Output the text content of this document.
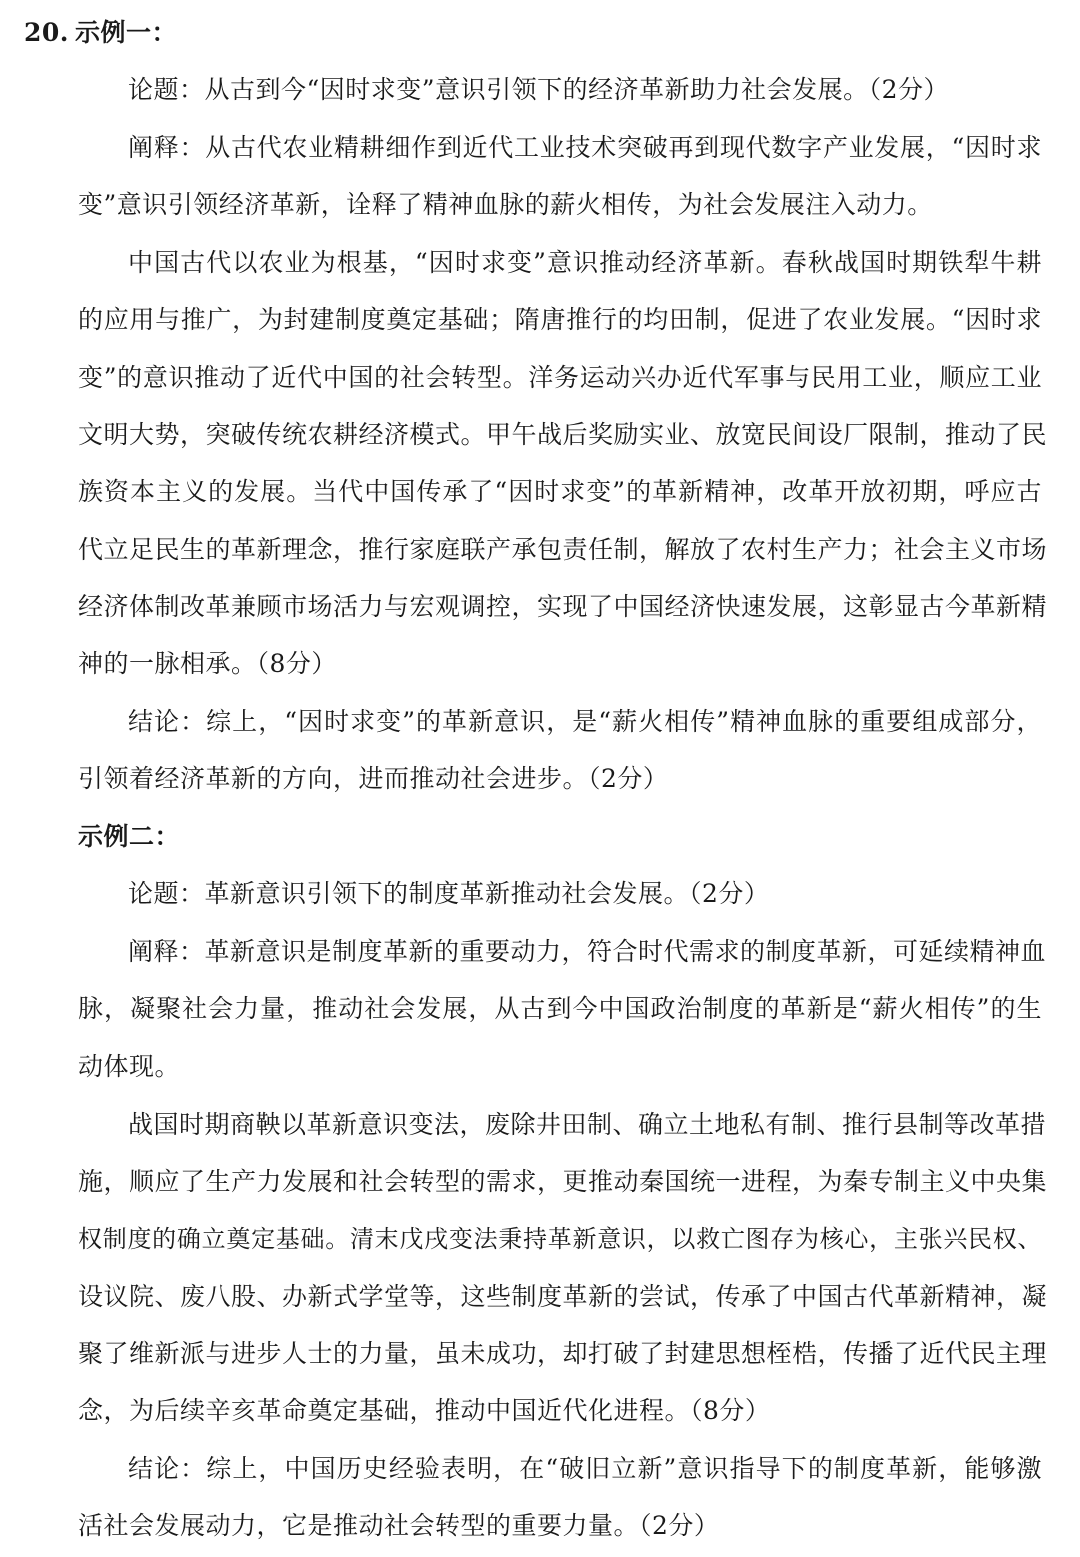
20. 示例一：
论题：从古到今“因时求变”意识引领下的经济革新助力社会发展。（2分）
阐释：从古代农业精耕细作到近代工业技术突破再到现代数字产业发展，“因时求
变”意识引领经济革新，诠释了精神血脉的薪火相传，为社会发展注入动力。
中国古代以农业为根基，“因时求变”意识推动经济革新。春秋战国时期铁犁牛耕
的应用与推广，为封建制度奠定基础；隋唐推行的均田制，促进了农业发展。“因时求
变”的意识推动了近代中国的社会转型。洋务运动兴办近代军事与民用工业，顺应工业
文明大势，突破传统农耕经济模式。甲午战后奖励实业、放宽民间设厂限制，推动了民
族资本主义的发展。当代中国传承了“因时求变”的革新精神，改革开放初期，呼应古
代立足民生的革新理念，推行家庭联产承包责任制，解放了农村生产力；社会主义市场
经济体制改革兼顾市场活力与宏观调控，实现了中国经济快速发展，这彰显古今革新精
神的一脉相承。（8分）
结论：综上，“因时求变”的革新意识，是“薪火相传”精神血脉的重要组成部分，
引领着经济革新的方向，进而推动社会进步。（2分）
示例二：
论题：革新意识引领下的制度革新推动社会发展。（2分）
阐释：革新意识是制度革新的重要动力，符合时代需求的制度革新，可延续精神血
脉，凝聚社会力量，推动社会发展，从古到今中国政治制度的革新是“薪火相传”的生
动体现。
战国时期商鞅以革新意识变法，废除井田制、确立土地私有制、推行县制等改革措
施，顺应了生产力发展和社会转型的需求，更推动秦国统一进程，为秦专制主义中央集
权制度的确立奠定基础。清末戊戌变法秉持革新意识，以救亡图存为核心，主张兴民权、
设议院、废八股、办新式学堂等，这些制度革新的尝试，传承了中国古代革新精神，凝
聚了维新派与进步人士的力量，虽未成功，却打破了封建思想桎梏，传播了近代民主理
念，为后续辛亥革命奠定基础，推动中国近代化进程。（8分）
结论：综上，中国历史经验表明，在“破旧立新”意识指导下的制度革新，能够激
活社会发展动力，它是推动社会转型的重要力量。（2分）
